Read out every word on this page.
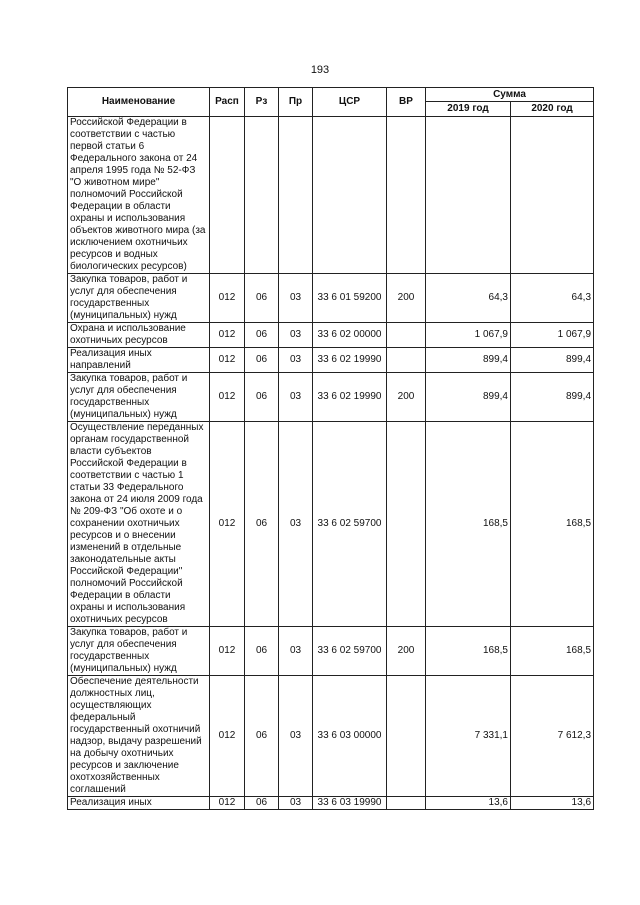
193
Наименование	Расп	Рз	Пр	ЦСР	ВР	Сумма	
						2019 год	2020 год
Российской Федерации в соответствии с частью первой статьи 6 Федерального закона от 24 апреля 1995 года № 52-ФЗ "О животном мире" полномочий Российской Федерации в области охраны и использования объектов животного мира (за исключением охотничьих ресурсов и водных биологических ресурсов)							
Закупка товаров, работ и услуг для обеспечения государственных (муниципальных) нужд	012	06	03	33 6 01 59200	200	64,3	64,3
Охрана и использование охотничьих ресурсов	012	06	03	33 6 02 00000		1 067,9	1 067,9
Реализация иных направлений	012	06	03	33 6 02 19990		899,4	899,4
Закупка товаров, работ и услуг для обеспечения государственных (муниципальных) нужд	012	06	03	33 6 02 19990	200	899,4	899,4
Осуществление переданных органам государственной власти субъектов Российской Федерации в соответствии с частью 1 статьи 33 Федерального закона от 24 июля 2009 года № 209-ФЗ "Об охоте и о сохранении охотничьих ресурсов и о внесении изменений в отдельные законодательные акты Российской Федерации" полномочий Российской Федерации в области охраны и использования охотничьих ресурсов	012	06	03	33 6 02 59700		168,5	168,5
Закупка товаров, работ и услуг для обеспечения государственных (муниципальных) нужд	012	06	03	33 6 02 59700	200	168,5	168,5
Обеспечение деятельности должностных лиц, осуществляющих федеральный государственный охотничий надзор, выдачу разрешений на добычу охотничьих ресурсов и заключение охотхозяйственных соглашений	012	06	03	33 6 03 00000		7 331,1	7 612,3
Реализация иных	012	06	03	33 6 03 19990		13,6	13,6
